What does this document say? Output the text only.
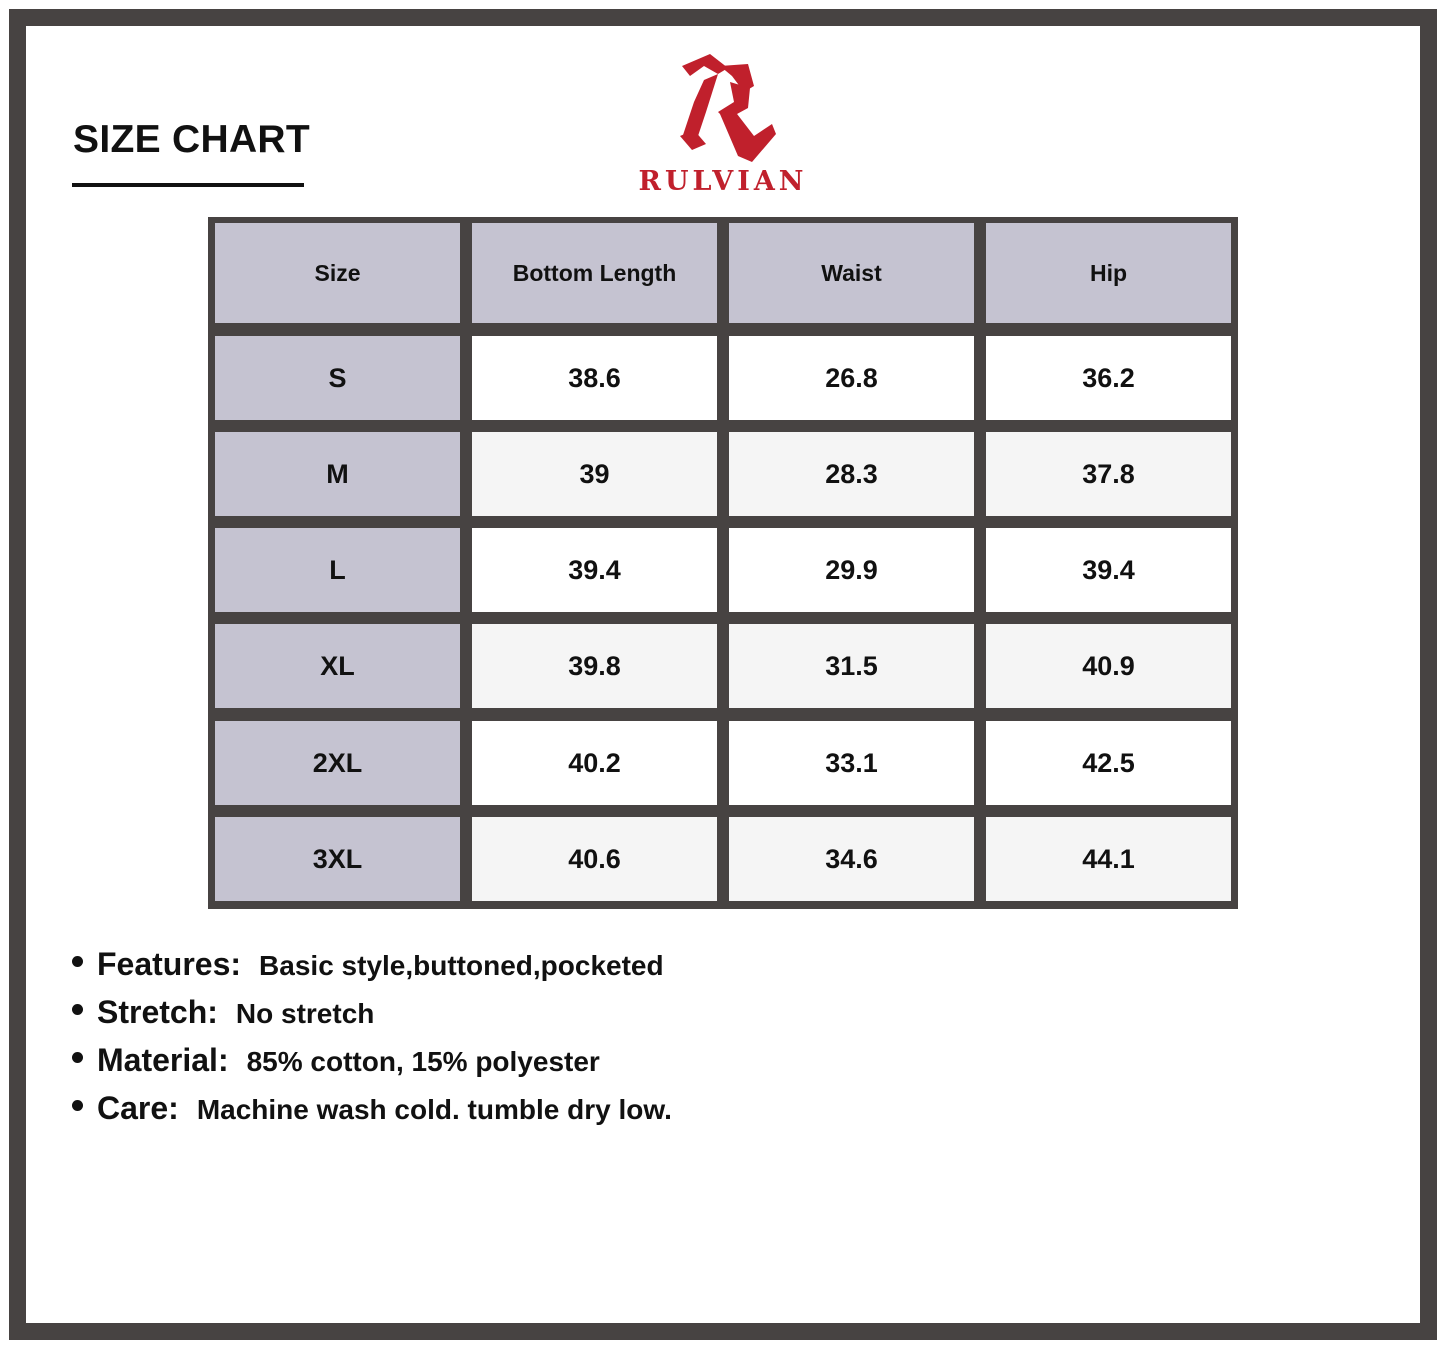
SIZE CHART
RULVIAN
Size	Bottom Length	Waist	Hip
S	38.6	26.8	36.2
M	39	28.3	37.8
L	39.4	29.9	39.4
XL	39.8	31.5	40.9
2XL	40.2	33.1	42.5
3XL	40.6	34.6	44.1
Features: Basic style,buttoned,pocketed
Stretch: No stretch
Material: 85% cotton, 15% polyester
Care: Machine wash cold. tumble dry low.
